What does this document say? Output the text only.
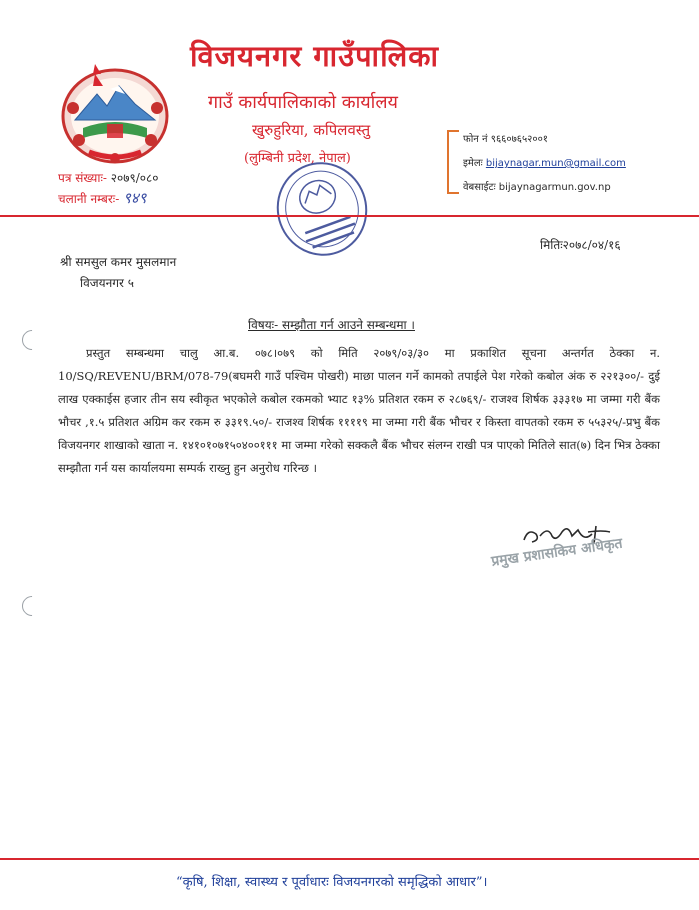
विजयनगर गाउँपालिका
गाउँ कार्यपालिकाको कार्यालय
खुरुहुरिया, कपिलवस्तु
(लुम्बिनी प्रदेश, नेपाल)
फोन नं ९६६०७६५२००१
इमेलः bijaynagar.mun@gmail.com
वेबसाईटः bijaynagarmun.gov.np
पत्र संख्याः- २०७९/०८०
चलानी नम्बरः- ९४९
मितिः२०७८/०४/१६
श्री समसुल कमर मुसलमान
विजयनगर ५
विषयः- सम्झौता गर्न आउने सम्बन्धमा ।

प्रस्तुत सम्बन्धमा चालु आ.ब. ०७८।०७९ को मिति २०७९/०३/३० मा प्रकाशित सूचना अन्तर्गत ठेक्का न. 10/SQ/REVENU/BRM/078-79(बघमरी गाउँ पश्चिम पोखरी) माछा पालन गर्ने कामको तपाईले पेश गरेको कबोल अंक रु २२१३००/- दुई लाख एक्काईस हजार तीन सय स्वीकृत भएकोले कबोल रकमको भ्याट १३% प्रतिशत रकम रु २८७६९/- राजश्व शिर्षक ३३३१७ मा जम्मा गरी बैंक भौचर ,१.५ प्रतिशत अग्रिम कर रकम रु ३३१९.५०/- राजश्व शिर्षक ११११९ मा जम्मा गरी बैंक भौचर र किस्ता वापतको रकम रु ५५३२५/-प्रभु बैंक विजयनगर शाखाको खाता न. १४१०१०७१५०४००१११ मा जम्मा गरेको सक्कलै बैंक भौचर संलग्न राखी पत्र पाएको मितिले सात(७) दिन भित्र ठेक्का सम्झौता गर्न यस कार्यालयमा सम्पर्क राख्नु हुन अनुरोध गरिन्छ ।

प्रमुख प्रशासकिय अधिकृत
“कृषि, शिक्षा, स्वास्थ्य र पूर्वाधारः विजयनगरको समृद्धिको आधार”।
